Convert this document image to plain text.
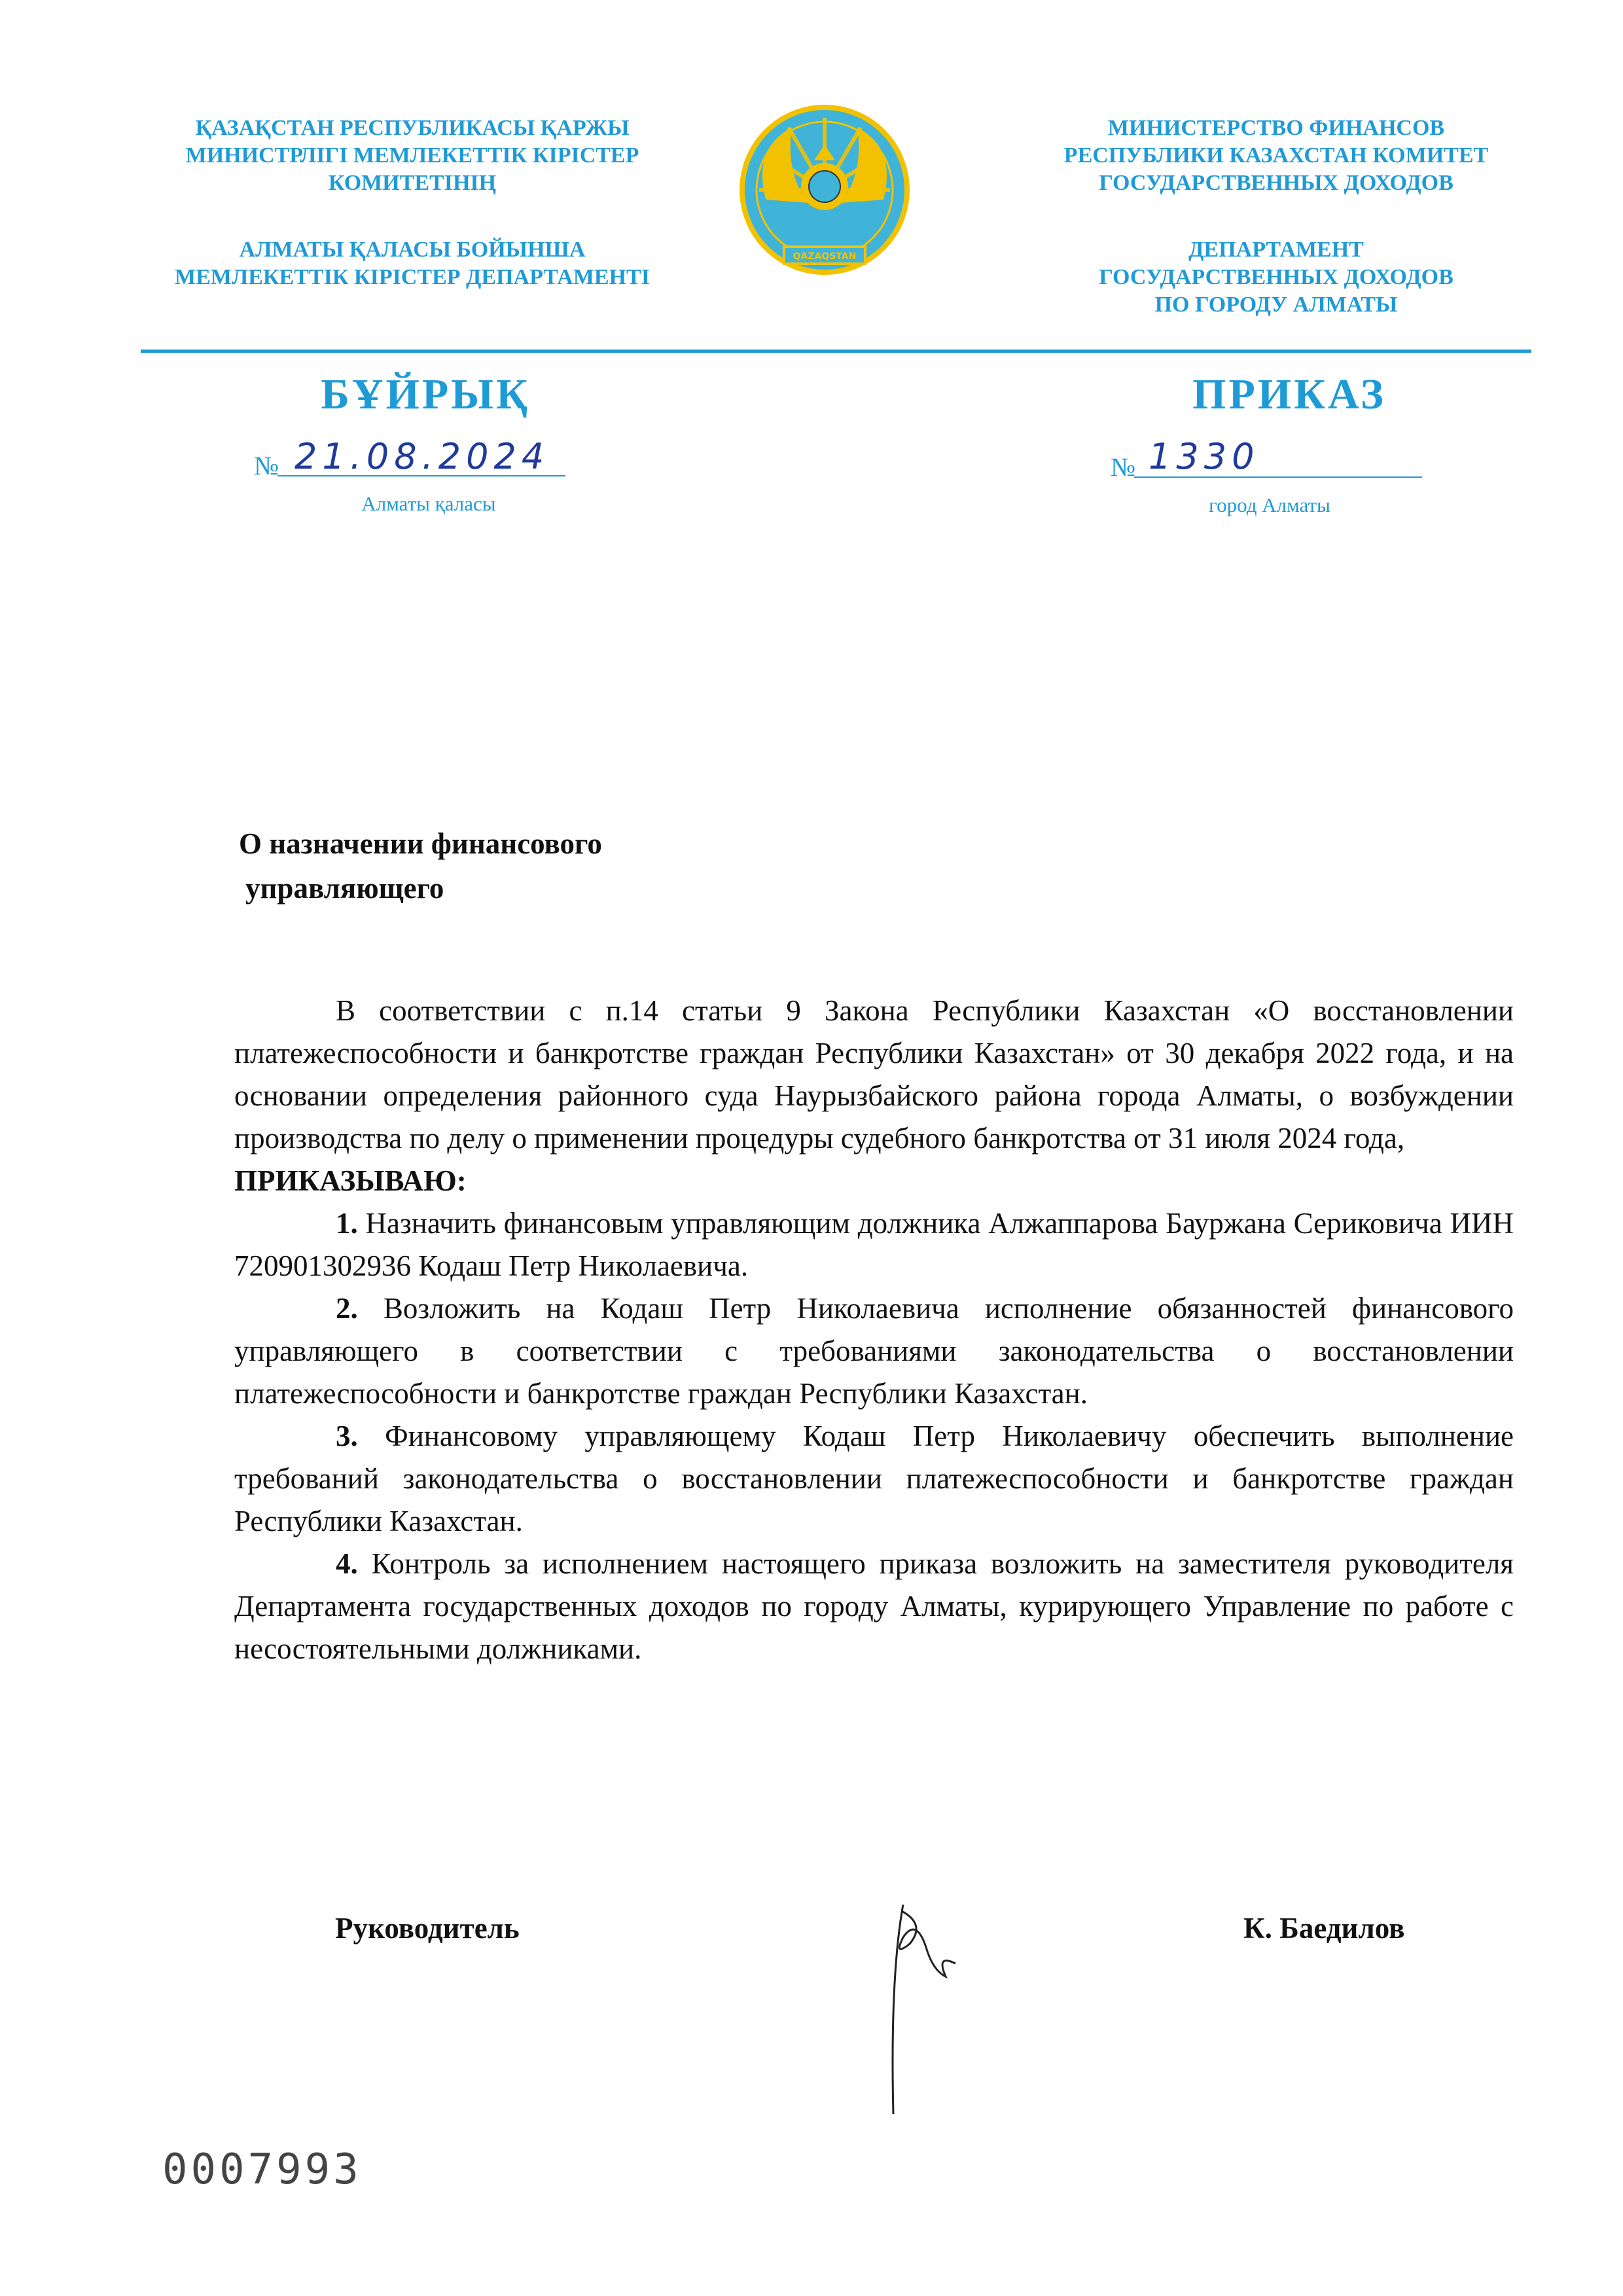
ҚАЗАҚСТАН РЕСПУБЛИКАСЫ ҚАРЖЫ
МИНИСТРЛІГІ МЕМЛЕКЕТТІК КІРІСТЕР
КОМИТЕТІНІҢ
АЛМАТЫ ҚАЛАСЫ БОЙЫНША
МЕМЛЕКЕТТІК КІРІСТЕР ДЕПАРТАМЕНТІ
QAZAQSTAN
МИНИСТЕРСТВО ФИНАНСОВ
РЕСПУБЛИКИ КАЗАХСТАН КОМИТЕТ
ГОСУДАРСТВЕННЫХ ДОХОДОВ
ДЕПАРТАМЕНТ
ГОСУДАРСТВЕННЫХ ДОХОДОВ
ПО ГОРОДУ АЛМАТЫ
БҰЙРЫҚ	ПРИКАЗ
№ 21.08.2024
Алматы қаласы
№ 1330
город Алматы
О назначении финансового
управляющего

В соответствии с п.14 статьи 9 Закона Республики Казахстан «О восстановлении платежеспособности и банкротстве граждан Республики Казахстан» от 30 декабря 2022 года, и на основании определения районного суда Наурызбайского района города Алматы, о возбуждении производства по делу о применении процедуры судебного банкротства от 31 июля 2024 года,

ПРИКАЗЫВАЮ:

1. Назначить финансовым управляющим должника Алжаппарова Бауржана Сериковича ИИН 720901302936 Кодаш Петр Николаевича.

2. Возложить на Кодаш Петр Николаевича исполнение обязанностей финансового управляющего в соответствии с требованиями законодательства о восстановлении платежеспособности и банкротстве граждан Республики Казахстан.

3. Финансовому управляющему Кодаш Петр Николаевичу обеспечить выполнение требований законодательства о восстановлении платежеспособности и банкротстве граждан Республики Казахстан.

4. Контроль за исполнением настоящего приказа возложить на заместителя руководителя Департамента государственных доходов по городу Алматы, курирующего Управление по работе с несостоятельными должниками.

Руководитель	К. Баедилов
0007993
